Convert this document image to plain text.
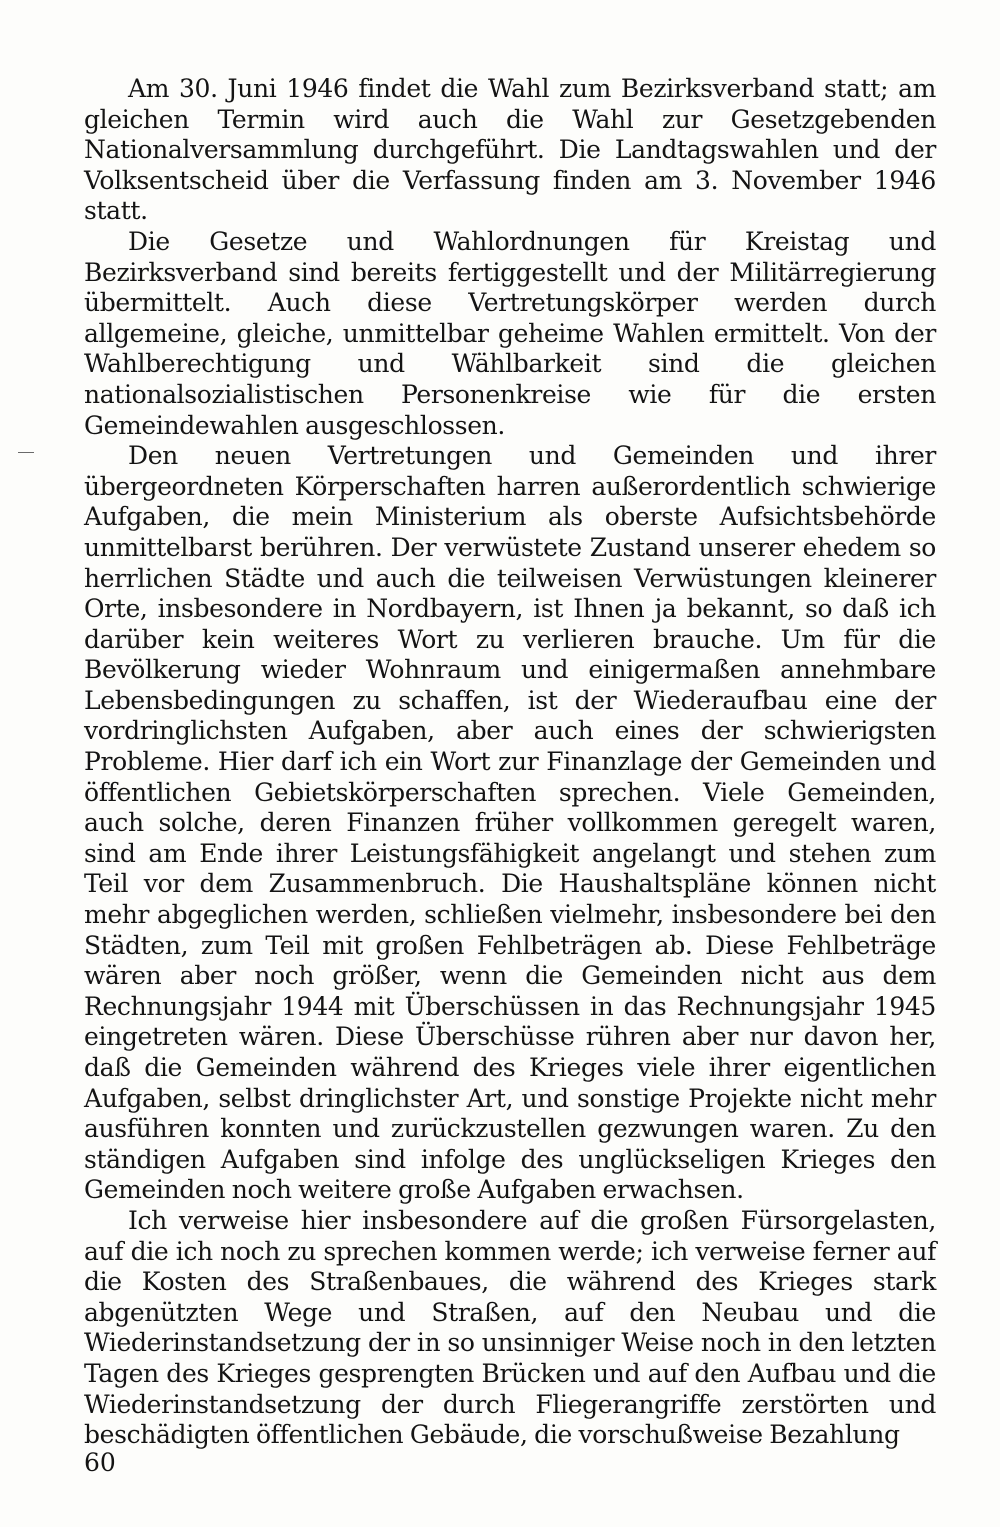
Am 30. Juni 1946 findet die Wahl zum Bezirksverband statt; am gleichen Termin wird auch die Wahl zur Gesetzgebenden Nationalversammlung durchgeführt. Die Landtagswahlen und der Volksentscheid über die Verfassung finden am 3. November 1946 statt.

Die Gesetze und Wahlordnungen für Kreistag und Bezirksverband sind bereits fertiggestellt und der Militärregierung übermittelt. Auch diese Vertretungskörper werden durch allgemeine, gleiche, unmittelbar geheime Wahlen ermittelt. Von der Wahlberechtigung und Wählbarkeit sind die gleichen nationalsozialistischen Personenkreise wie für die ersten Gemeindewahlen ausgeschlossen.

Den neuen Vertretungen und Gemeinden und ihrer übergeordneten Körperschaften harren außerordentlich schwierige Aufgaben, die mein Ministerium als oberste Aufsichtsbehörde unmittelbarst berühren. Der verwüstete Zustand unserer ehedem so herrlichen Städte und auch die teilweisen Verwüstungen kleinerer Orte, insbesondere in Nordbayern, ist Ihnen ja bekannt, so daß ich darüber kein weiteres Wort zu verlieren brauche. Um für die Bevölkerung wieder Wohnraum und einigermaßen annehmbare Lebensbedingungen zu schaffen, ist der Wiederaufbau eine der vordringlichsten Aufgaben, aber auch eines der schwierigsten Probleme. Hier darf ich ein Wort zur Finanzlage der Gemeinden und öffentlichen Gebietskörperschaften sprechen. Viele Gemeinden, auch solche, deren Finanzen früher vollkommen geregelt waren, sind am Ende ihrer Leistungsfähigkeit angelangt und stehen zum Teil vor dem Zusammenbruch. Die Haushaltspläne können nicht mehr abgeglichen werden, schließen vielmehr, insbesondere bei den Städten, zum Teil mit großen Fehlbeträgen ab. Diese Fehlbeträge wären aber noch größer, wenn die Gemeinden nicht aus dem Rechnungsjahr 1944 mit Überschüssen in das Rechnungsjahr 1945 eingetreten wären. Diese Überschüsse rühren aber nur davon her, daß die Gemeinden während des Krieges viele ihrer eigentlichen Aufgaben, selbst dringlichster Art, und sonstige Projekte nicht mehr ausführen konnten und zurückzustellen gezwungen waren. Zu den ständigen Aufgaben sind infolge des unglückseligen Krieges den Gemeinden noch weitere große Aufgaben erwachsen.

Ich verweise hier insbesondere auf die großen Fürsorgelasten, auf die ich noch zu sprechen kommen werde; ich verweise ferner auf die Kosten des Straßenbaues, die während des Krieges stark abgenützten Wege und Straßen, auf den Neubau und die Wiederinstandsetzung der in so unsinniger Weise noch in den letzten Tagen des Krieges gesprengten Brücken und auf den Aufbau und die Wiederinstandsetzung der durch Fliegerangriffe zerstörten und beschädigten öffentlichen Gebäude, die vorschußweise Bezahlung

60
